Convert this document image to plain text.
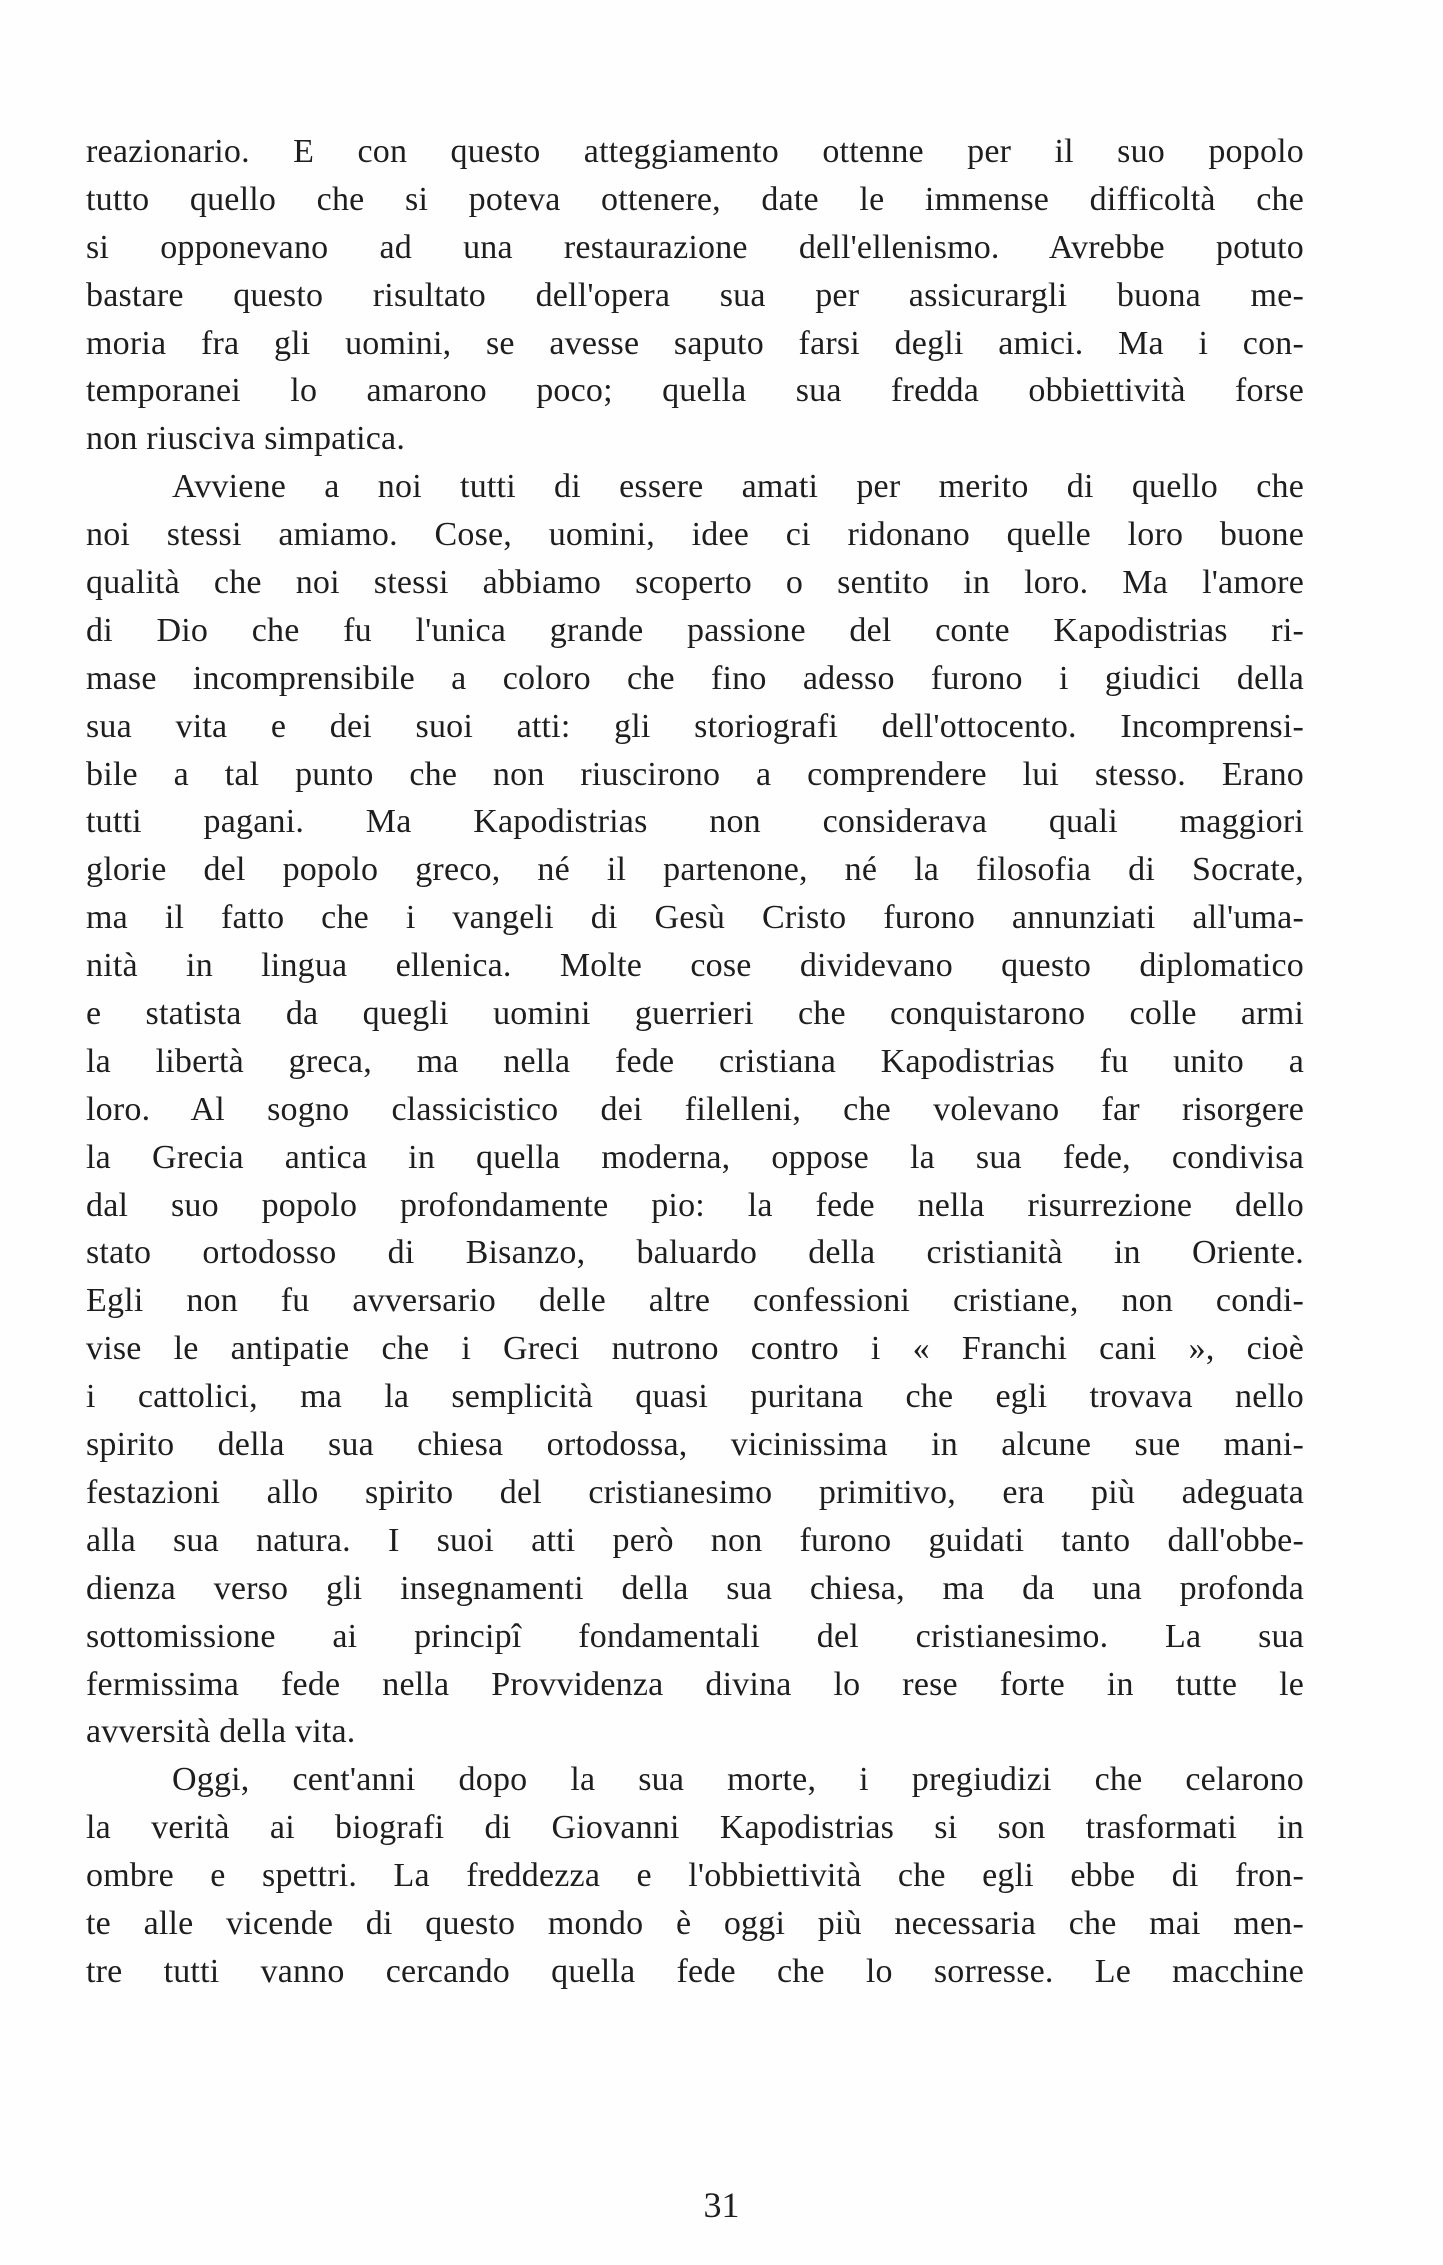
reazionario. E con questo atteggiamento ottenne per il suo popolo
tutto quello che si poteva ottenere, date le immense difficoltà che
si opponevano ad una restaurazione dell'ellenismo. Avrebbe potuto
bastare questo risultato dell'opera sua per assicurargli buona me-
moria fra gli uomini, se avesse saputo farsi degli amici. Ma i con-
temporanei lo amarono poco; quella sua fredda obbiettività forse
non riusciva simpatica.
Avviene a noi tutti di essere amati per merito di quello che
noi stessi amiamo. Cose, uomini, idee ci ridonano quelle loro buone
qualità che noi stessi abbiamo scoperto o sentito in loro. Ma l'amore
di Dio che fu l'unica grande passione del conte Kapodistrias ri-
mase incomprensibile a coloro che fino adesso furono i giudici della
sua vita e dei suoi atti: gli storiografi dell'ottocento. Incomprensi-
bile a tal punto che non riuscirono a comprendere lui stesso. Erano
tutti pagani. Ma Kapodistrias non considerava quali maggiori
glorie del popolo greco, né il partenone, né la filosofia di Socrate,
ma il fatto che i vangeli di Gesù Cristo furono annunziati all'uma-
nità in lingua ellenica. Molte cose dividevano questo diplomatico
e statista da quegli uomini guerrieri che conquistarono colle armi
la libertà greca, ma nella fede cristiana Kapodistrias fu unito a
loro. Al sogno classicistico dei filelleni, che volevano far risorgere
la Grecia antica in quella moderna, oppose la sua fede, condivisa
dal suo popolo profondamente pio: la fede nella risurrezione dello
stato ortodosso di Bisanzo, baluardo della cristianità in Oriente.
Egli non fu avversario delle altre confessioni cristiane, non condi-
vise le antipatie che i Greci nutrono contro i « Franchi cani », cioè
i cattolici, ma la semplicità quasi puritana che egli trovava nello
spirito della sua chiesa ortodossa, vicinissima in alcune sue mani-
festazioni allo spirito del cristianesimo primitivo, era più adeguata
alla sua natura. I suoi atti però non furono guidati tanto dall'obbe-
dienza verso gli insegnamenti della sua chiesa, ma da una profonda
sottomissione ai principî fondamentali del cristianesimo. La sua
fermissima fede nella Provvidenza divina lo rese forte in tutte le
avversità della vita.
Oggi, cent'anni dopo la sua morte, i pregiudizi che celarono
la verità ai biografi di Giovanni Kapodistrias si son trasformati in
ombre e spettri. La freddezza e l'obbiettività che egli ebbe di fron-
te alle vicende di questo mondo è oggi più necessaria che mai men-
tre tutti vanno cercando quella fede che lo sorresse. Le macchine
31
